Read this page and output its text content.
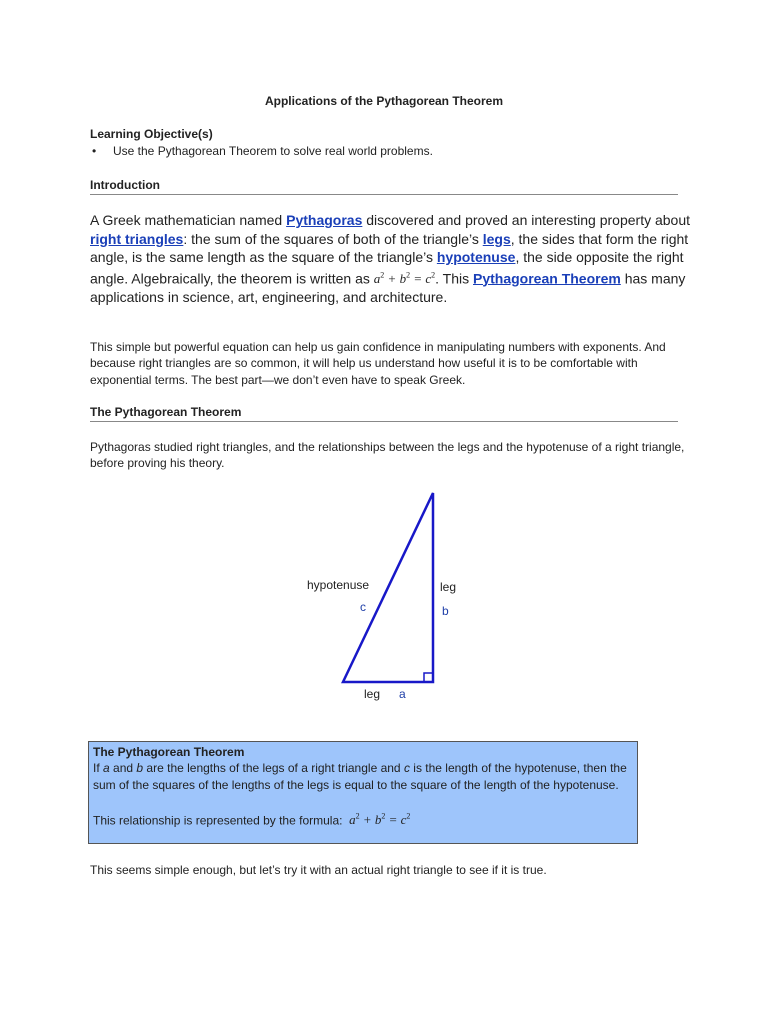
Applications of the Pythagorean Theorem
Learning Objective(s)
• Use the Pythagorean Theorem to solve real world problems.
Introduction
A Greek mathematician named Pythagoras discovered and proved an interesting property about right triangles: the sum of the squares of both of the triangle’s legs, the sides that form the right angle, is the same length as the square of the triangle’s hypotenuse, the side opposite the right angle. Algebraically, the theorem is written as $a^2 + b^2 = c^2$. This Pythagorean Theorem has many applications in science, art, engineering, and architecture.
This simple but powerful equation can help us gain confidence in manipulating numbers with exponents. And because right triangles are so common, it will help us understand how useful it is to be comfortable with exponential terms. The best part—we don’t even have to speak Greek.
The Pythagorean Theorem
Pythagoras studied right triangles, and the relationships between the legs and the hypotenuse of a right triangle, before proving his theory.
hypotenuse
c
leg
b
leg a
The Pythagorean Theorem
If a and b are the lengths of the legs of a right triangle and c is the length of the hypotenuse, then the sum of the squares of the lengths of the legs is equal to the square of the length of the hypotenuse.
This relationship is represented by the formula: $a^2 + b^2 = c^2$
This seems simple enough, but let’s try it with an actual right triangle to see if it is true.
